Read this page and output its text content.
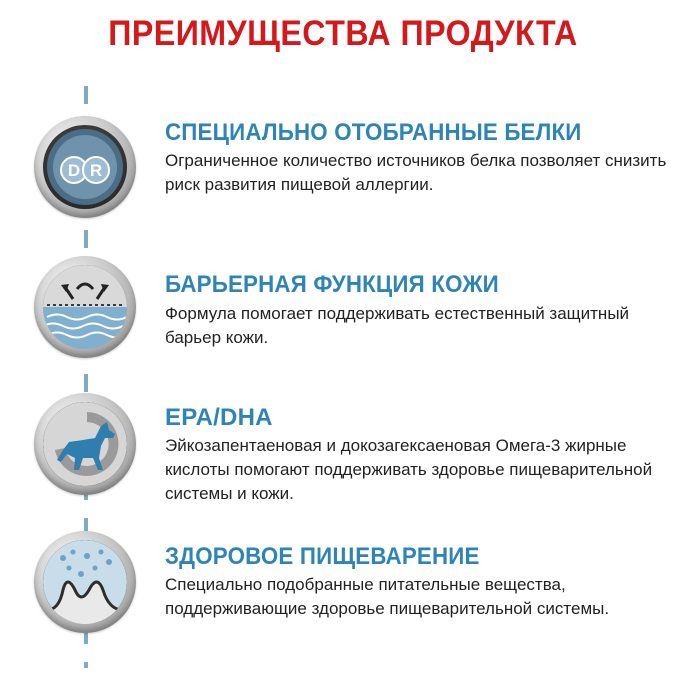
ПРЕИМУЩЕСТВА ПРОДУКТА
D R
СПЕЦИАЛЬНО ОТОБРАННЫЕ БЕЛКИ
Ограниченное количество источников белка позволяет снизить риск развития пищевой аллергии.
БАРЬЕРНАЯ ФУНКЦИЯ КОЖИ
Формула помогает поддерживать естественный защитный барьер кожи.
EPA/DHA
Эйкозапентаеновая и докозагексаеновая Омега-3 жирные кислоты помогают поддерживать здоровье пищеварительной системы и кожи.
ЗДОРОВОЕ ПИЩЕВАРЕНИЕ
Специально подобранные питательные вещества, поддерживающие здоровье пищеварительной системы.
